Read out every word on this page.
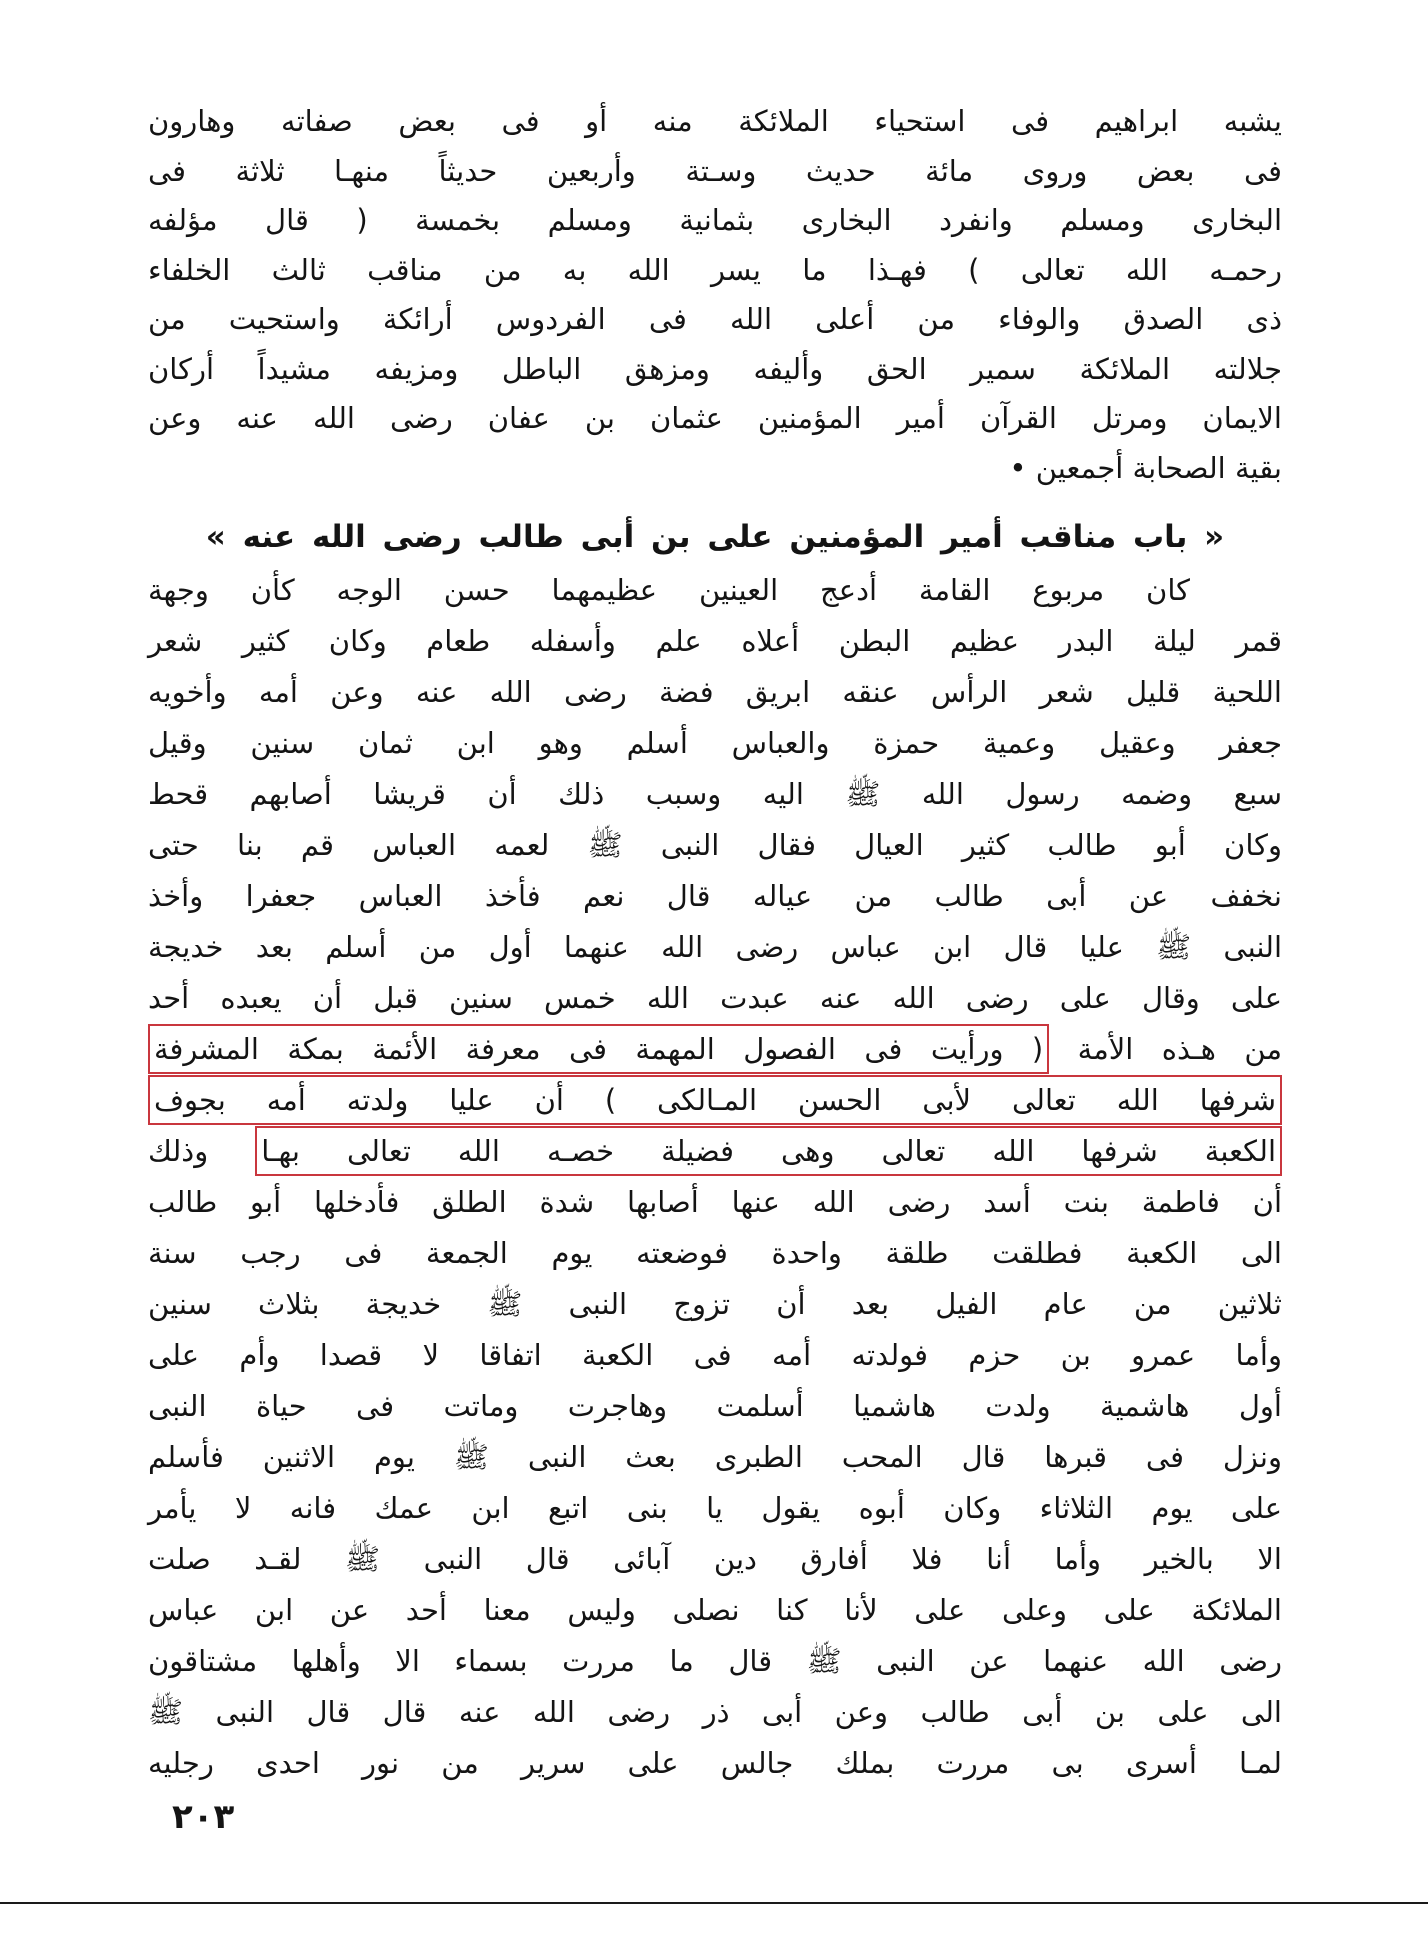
يشبه ابراهيم فى استحياء الملائكة منه أو فى بعض صفاته وهارون
فى بعض وروى مائة حديث وسـتة وأربعين حديثاً منهـا ثلاثة فى
البخارى ومسلم وانفرد البخارى بثمانية ومسلم بخمسة ( قال مؤلفه
رحمـه الله تعالى ) فهـذا ما يسر الله به من مناقب ثالث الخلفاء
ذى الصدق والوفاء من أعلى الله فى الفردوس أرائكة واستحيت من
جلالته الملائكة سمير الحق وأليفه ومزهق الباطل ومزيفه مشيداً أركان
الايمان ومرتل القرآن أمير المؤمنين عثمان بن عفان رضى الله عنه وعن
بقية الصحابة أجمعين •
« باب مناقب أمير المؤمنين على بن أبى طالب رضى الله عنه »
كان مربوع القامة أدعج العينين عظيمهما حسن الوجه كأن وجهة
قمر ليلة البدر عظيم البطن أعلاه علم وأسفله طعام وكان كثير شعر
اللحية قليل شعر الرأس عنقه ابريق فضة رضى الله عنه وعن أمه وأخويه
جعفر وعقيل وعمية حمزة والعباس أسلم وهو ابن ثمان سنين وقيل
سبع وضمه رسول الله ﷺ اليه وسبب ذلك أن قريشا أصابهم قحط
وكان أبو طالب كثير العيال فقال النبى ﷺ لعمه العباس قم بنا حتى
نخفف عن أبى طالب من عياله قال نعم فأخذ العباس جعفرا وأخذ
النبى ﷺ عليا قال ابن عباس رضى الله عنهما أول من أسلم بعد خديجة
على وقال على رضى الله عنه عبدت الله خمس سنين قبل أن يعبده أحد
من هـذه الأمة ( ورأيت فى الفصول المهمة فى معرفة الأئمة بمكة المشرفة
شرفها الله تعالى لأبى الحسن المـالكى ) أن عليا ولدته أمه بجوف
الكعبة شرفها الله تعالى وهى فضيلة خصـه الله تعالى بهـا وذلك
أن فاطمة بنت أسد رضى الله عنها أصابها شدة الطلق فأدخلها أبو طالب
الى الكعبة فطلقت طلقة واحدة فوضعته يوم الجمعة فى رجب سنة
ثلاثين من عام الفيل بعد أن تزوج النبى ﷺ خديجة بثلاث سنين
وأما عمرو بن حزم فولدته أمه فى الكعبة اتفاقا لا قصدا وأم على
أول هاشمية ولدت هاشميا أسلمت وهاجرت وماتت فى حياة النبى
ونزل فى قبرها قال المحب الطبرى بعث النبى ﷺ يوم الاثنين فأسلم
على يوم الثلاثاء وكان أبوه يقول يا بنى اتبع ابن عمك فانه لا يأمر
الا بالخير وأما أنا فلا أفارق دين آبائى قال النبى ﷺ لقـد صلت
الملائكة على وعلى على لأنا كنا نصلى وليس معنا أحد عن ابن عباس
رضى الله عنهما عن النبى ﷺ قال ما مررت بسماء الا وأهلها مشتاقون
الى على بن أبى طالب وعن أبى ذر رضى الله عنه قال قال النبى ﷺ
لمـا أسرى بى مررت بملك جالس على سرير من نور احدى رجليه
٢٠٣
